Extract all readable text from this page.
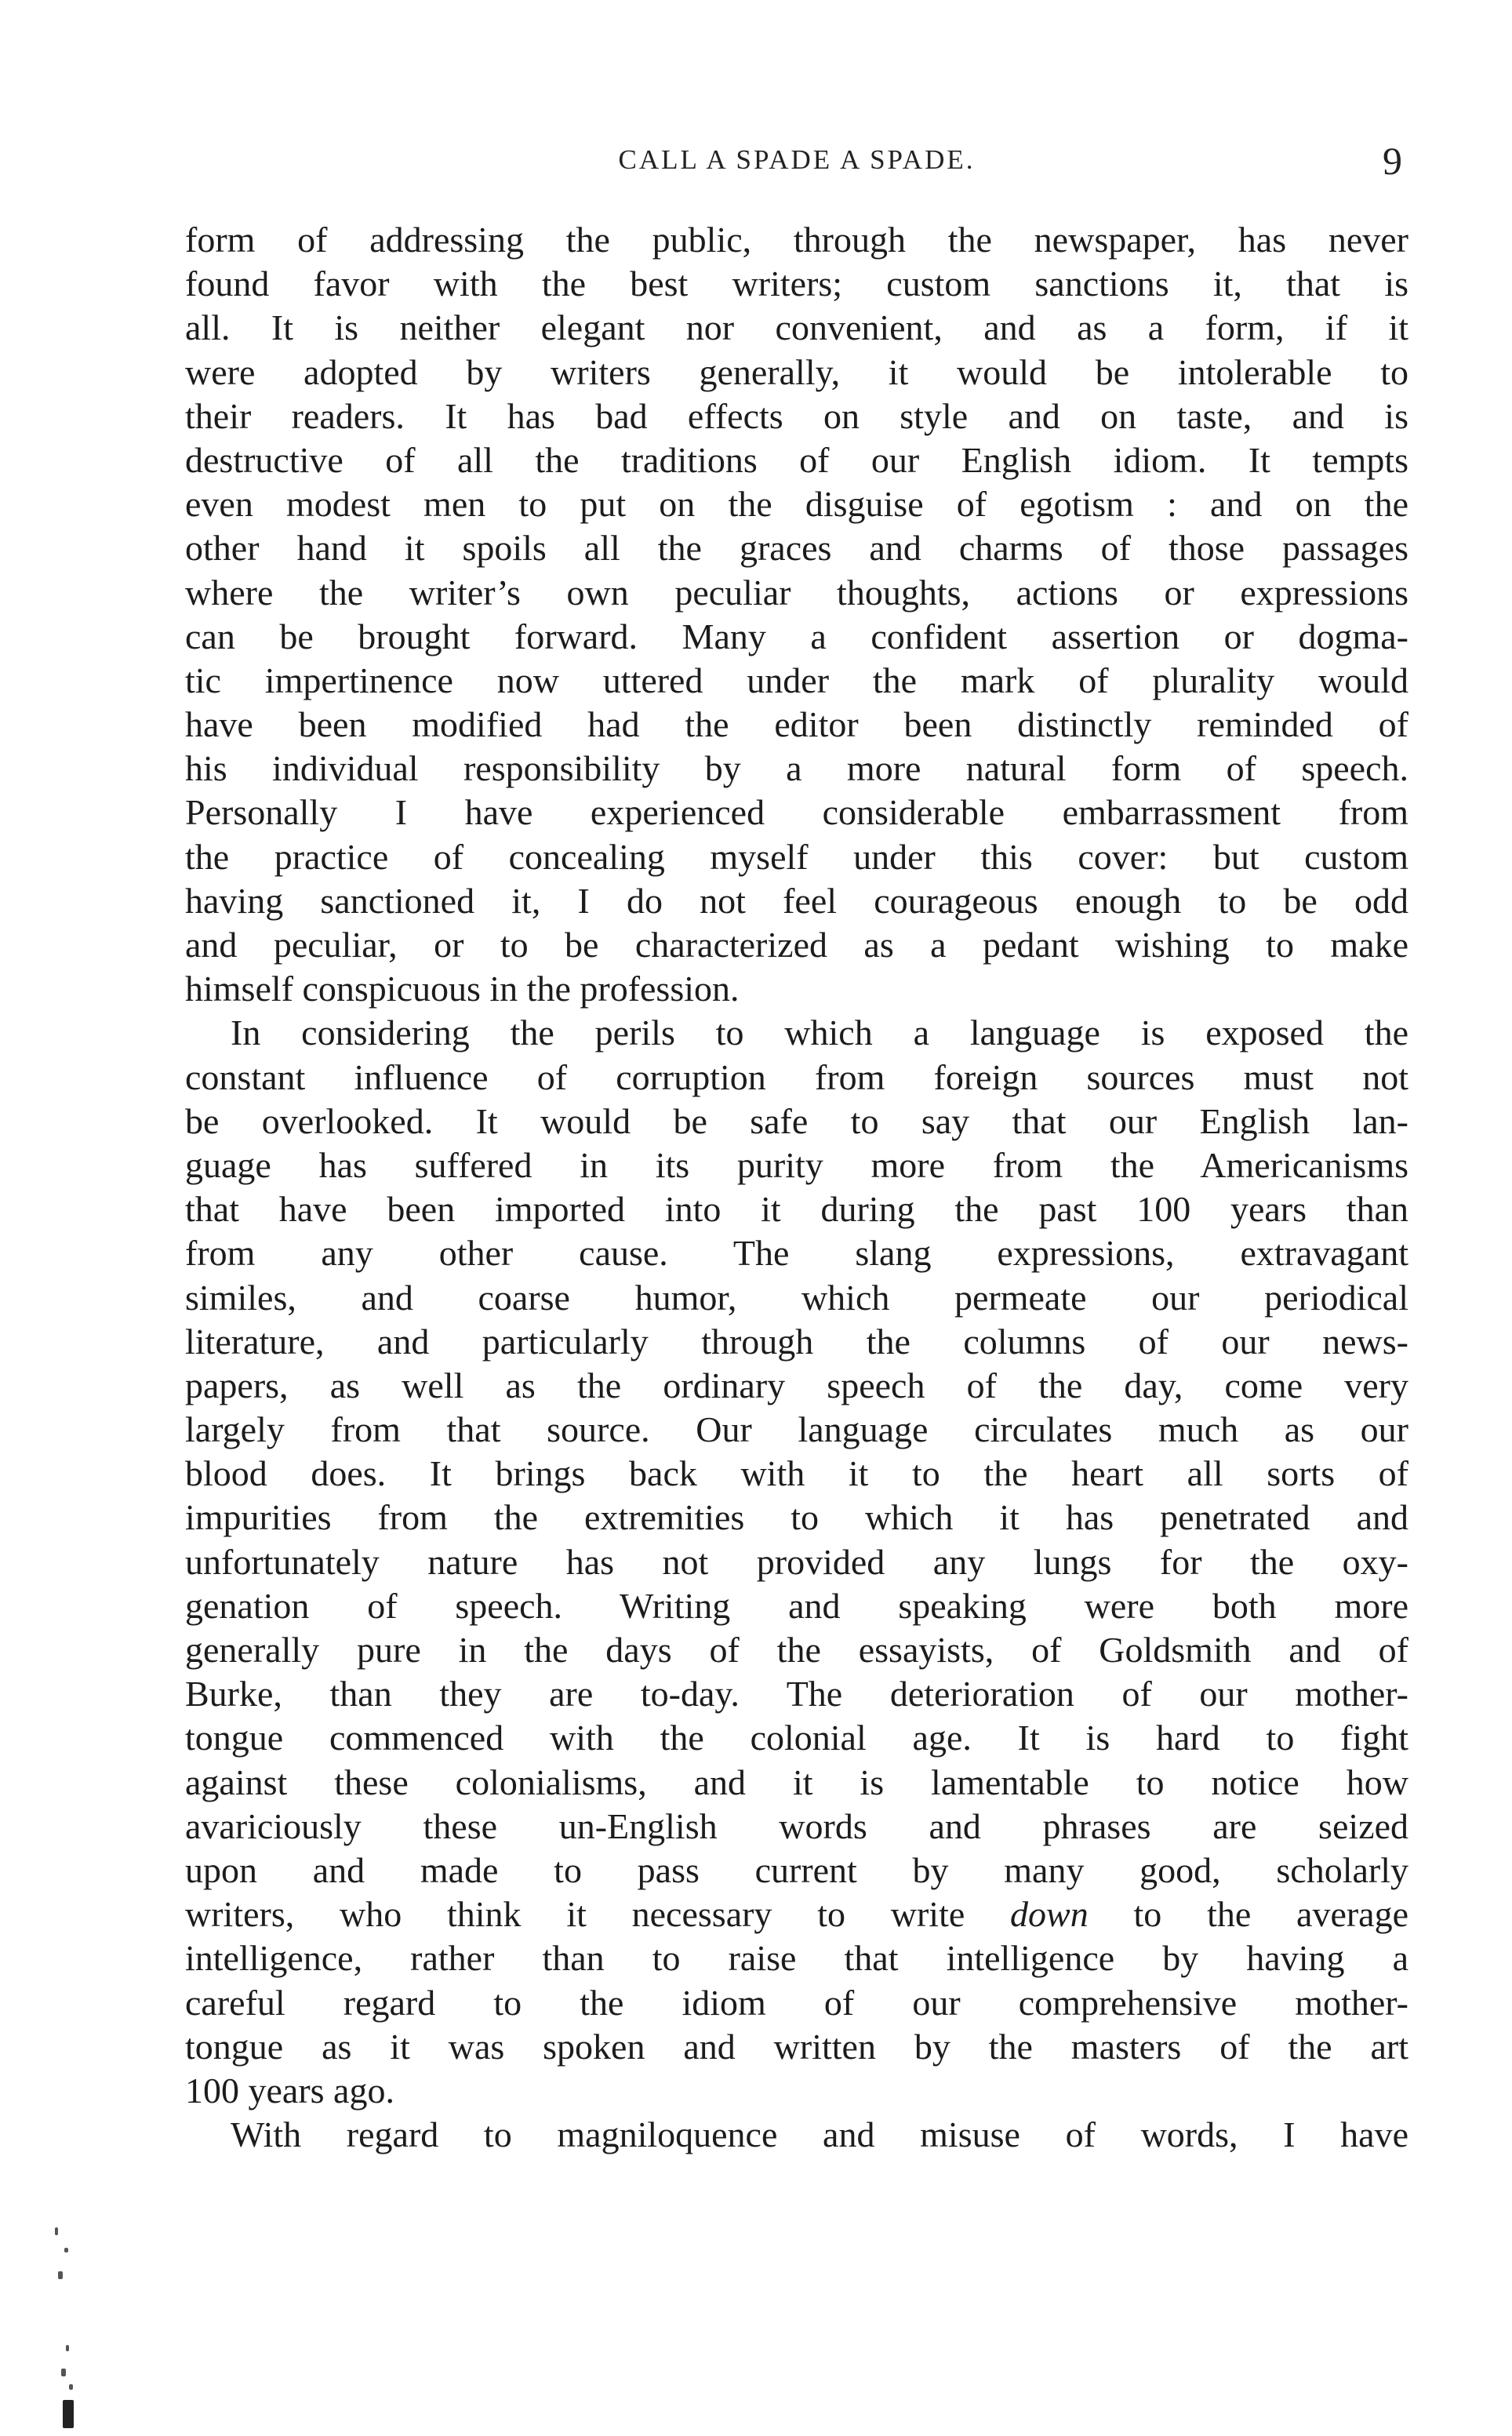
CALL A SPADE A SPADE.	9
form of addressing the public, through the newspaper, has never
found favor with the best writers; custom sanctions it, that is
all. It is neither elegant nor convenient, and as a form, if it
were adopted by writers generally, it would be intolerable to
their readers. It has bad effects on style and on taste, and is
destructive of all the traditions of our English idiom. It tempts
even modest men to put on the disguise of egotism : and on the
other hand it spoils all the graces and charms of those passages
where the writer’s own peculiar thoughts, actions or expressions
can be brought forward. Many a confident assertion or dogma-
tic impertinence now uttered under the mark of plurality would
have been modified had the editor been distinctly reminded of
his individual responsibility by a more natural form of speech.
Personally I have experienced considerable embarrassment from
the practice of concealing myself under this cover: but custom
having sanctioned it, I do not feel courageous enough to be odd
and peculiar, or to be characterized as a pedant wishing to make
himself conspicuous in the profession.
In considering the perils to which a language is exposed the
constant influence of corruption from foreign sources must not
be overlooked. It would be safe to say that our English lan-
guage has suffered in its purity more from the Americanisms
that have been imported into it during the past 100 years than
from any other cause. The slang expressions, extravagant
similes, and coarse humor, which permeate our periodical
literature, and particularly through the columns of our news-
papers, as well as the ordinary speech of the day, come very
largely from that source. Our language circulates much as our
blood does. It brings back with it to the heart all sorts of
impurities from the extremities to which it has penetrated and
unfortunately nature has not provided any lungs for the oxy-
genation of speech. Writing and speaking were both more
generally pure in the days of the essayists, of Goldsmith and of
Burke, than they are to-day. The deterioration of our mother-
tongue commenced with the colonial age. It is hard to fight
against these colonialisms, and it is lamentable to notice how
avariciously these un-English words and phrases are seized
upon and made to pass current by many good, scholarly
writers, who think it necessary to write down to the average
intelligence, rather than to raise that intelligence by having a
careful regard to the idiom of our comprehensive mother-
tongue as it was spoken and written by the masters of the art
100 years ago.
With regard to magniloquence and misuse of words, I have
